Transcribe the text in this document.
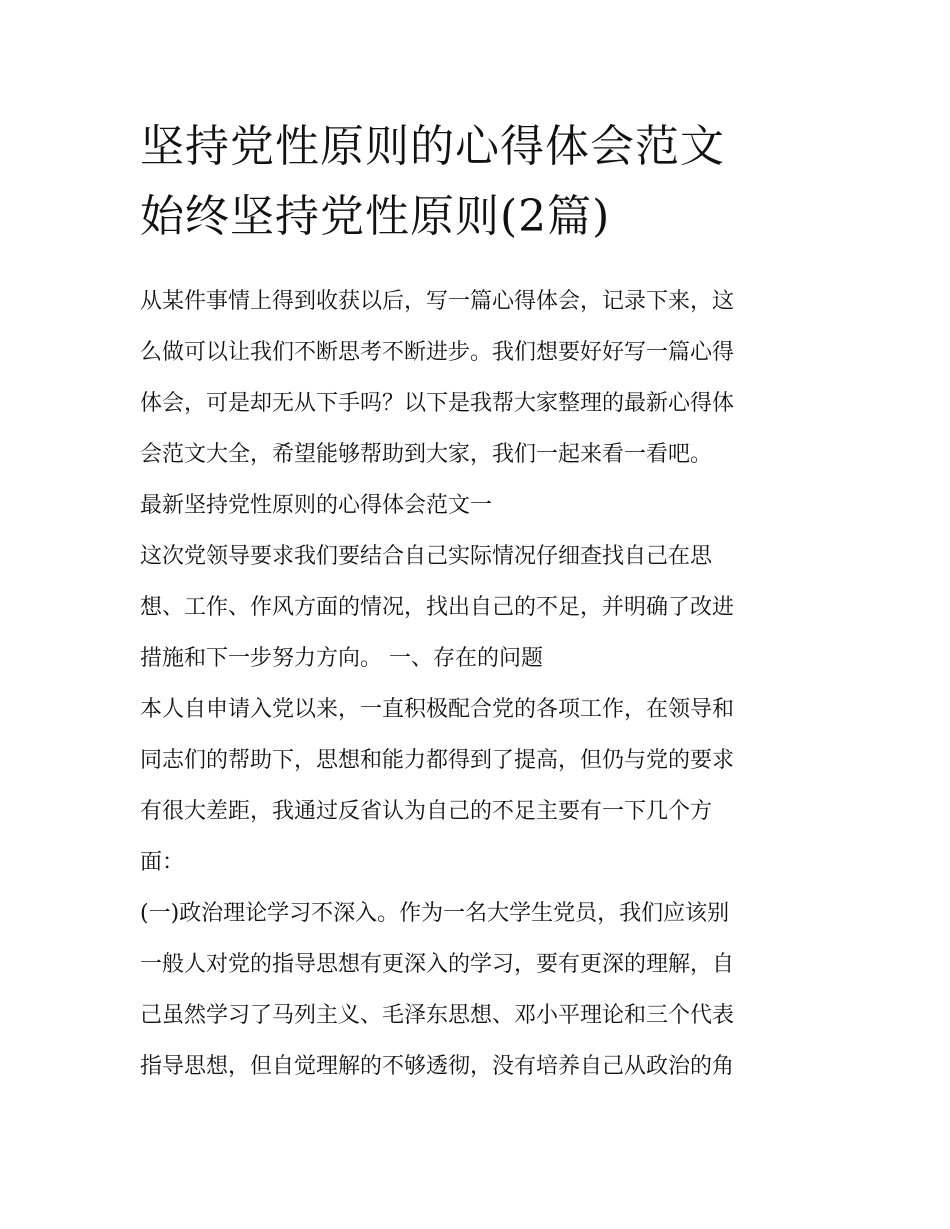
坚持党性原则的心得体会范文
始终坚持党性原则(2篇)
从某件事情上得到收获以后，写一篇心得体会，记录下来，这
么做可以让我们不断思考不断进步。我们想要好好写一篇心得
体会，可是却无从下手吗？以下是我帮大家整理的最新心得体
会范文大全，希望能够帮助到大家，我们一起来看一看吧。
最新坚持党性原则的心得体会范文一
这次党领导要求我们要结合自己实际情况仔细查找自己在思
想、工作、作风方面的情况，找出自己的不足，并明确了改进
措施和下一步努力方向。 一、存在的问题
本人自申请入党以来，一直积极配合党的各项工作，在领导和
同志们的帮助下，思想和能力都得到了提高，但仍与党的要求
有很大差距，我通过反省认为自己的不足主要有一下几个方
面：
(一)政治理论学习不深入。作为一名大学生党员，我们应该别
一般人对党的指导思想有更深入的学习，要有更深的理解，自
己虽然学习了马列主义、毛泽东思想、邓小平理论和三个代表
指导思想，但自觉理解的不够透彻，没有培养自己从政治的角
